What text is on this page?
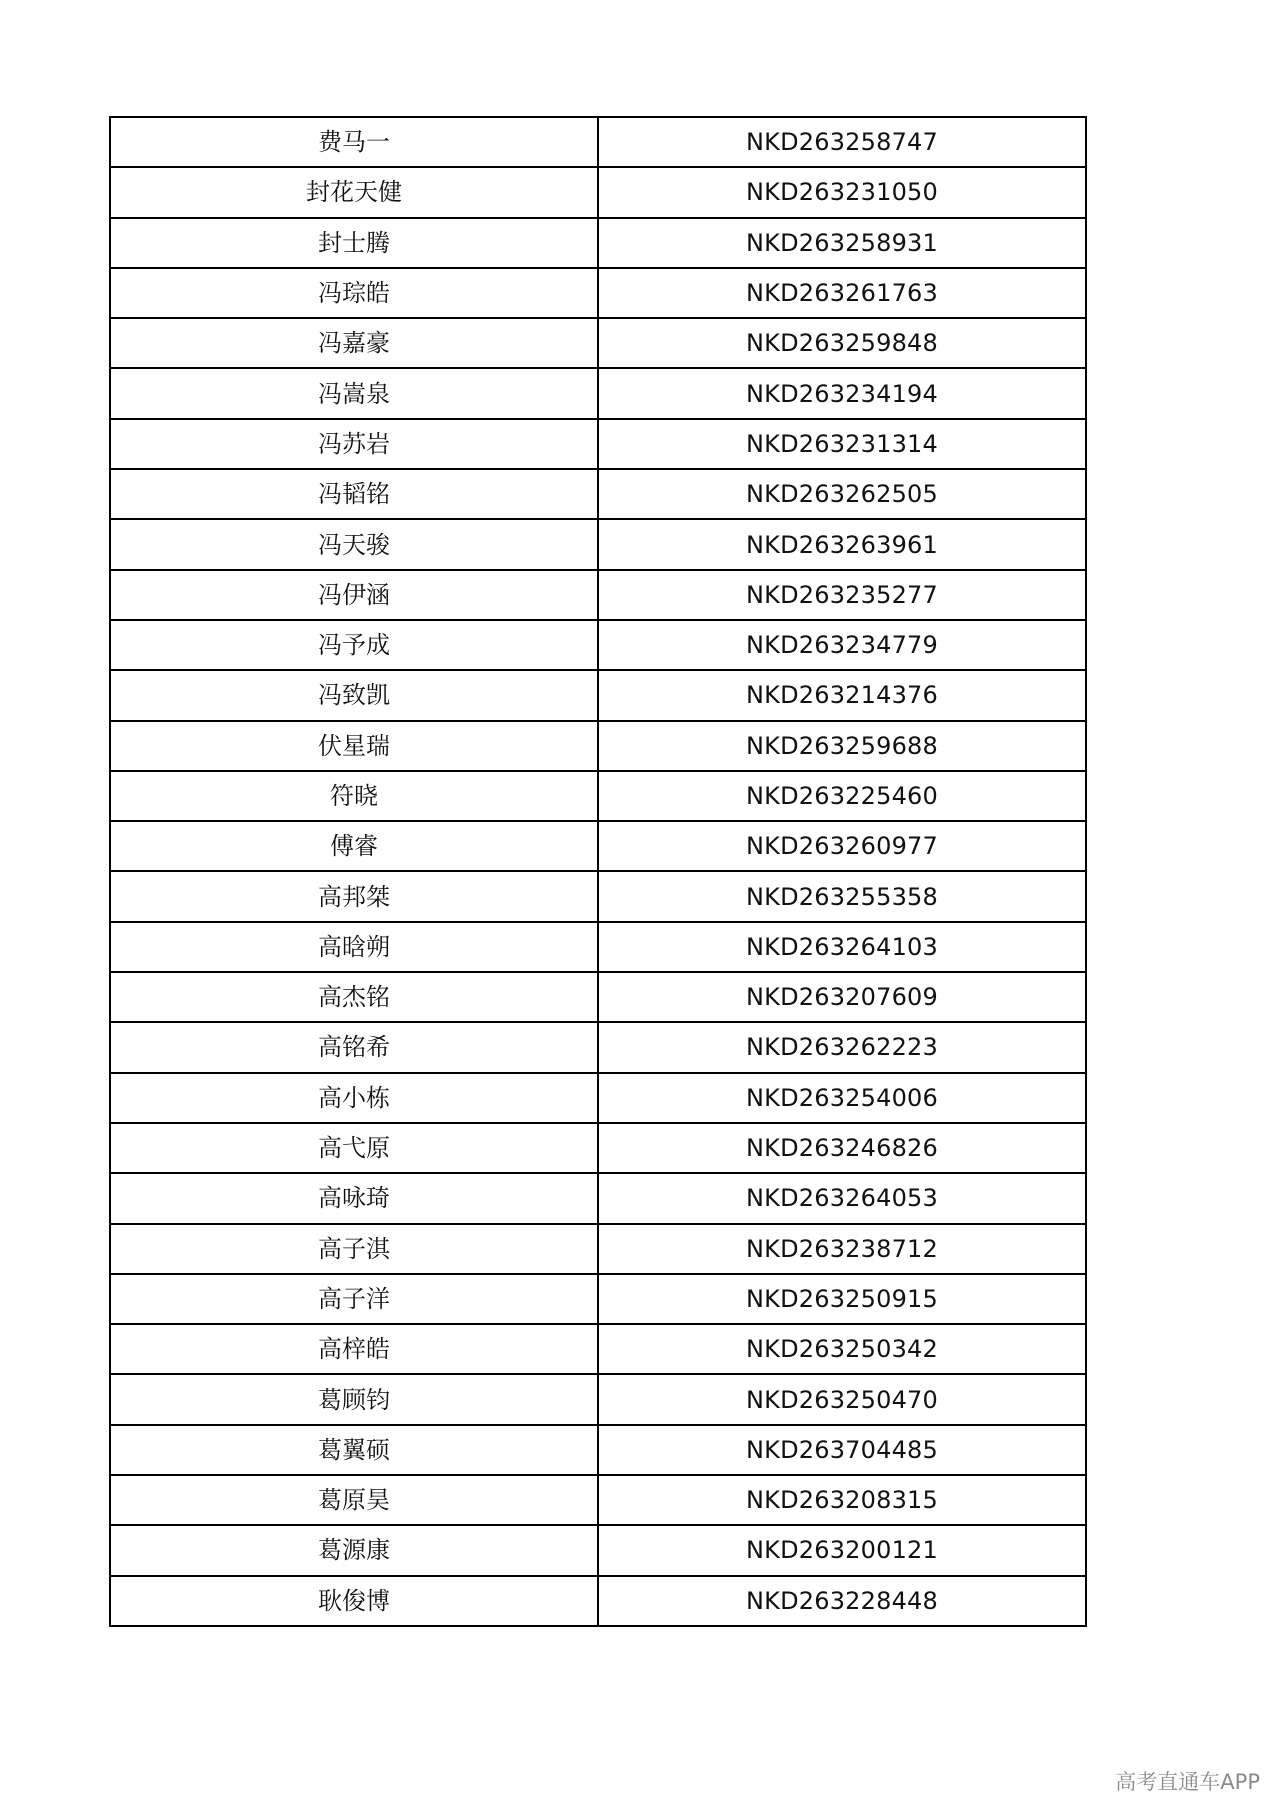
费马一	NKD263258747
封花天健	NKD263231050
封士腾	NKD263258931
冯琮皓	NKD263261763
冯嘉豪	NKD263259848
冯嵩泉	NKD263234194
冯苏岩	NKD263231314
冯韬铭	NKD263262505
冯天骏	NKD263263961
冯伊涵	NKD263235277
冯予成	NKD263234779
冯致凯	NKD263214376
伏星瑞	NKD263259688
符晓	NKD263225460
傅睿	NKD263260977
高邦桀	NKD263255358
高晗朔	NKD263264103
高杰铭	NKD263207609
高铭希	NKD263262223
高小栋	NKD263254006
高弋原	NKD263246826
高咏琦	NKD263264053
高子淇	NKD263238712
高子洋	NKD263250915
高梓皓	NKD263250342
葛顾钧	NKD263250470
葛翼硕	NKD263704485
葛原昊	NKD263208315
葛源康	NKD263200121
耿俊博	NKD263228448
高考直通车APP
